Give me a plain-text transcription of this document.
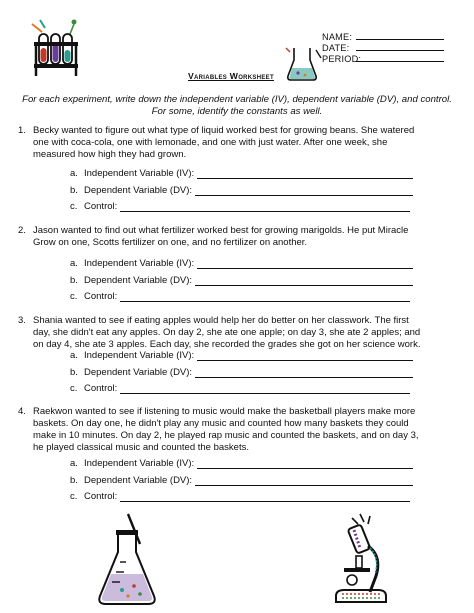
NAME:
DATE:
PERIOD:
Variables Worksheet
For each experiment, write down the independent variable (IV), dependent variable (DV), and control.
For some, identify the constants as well.
1. Becky wanted to figure out what type of liquid worked best for growing beans. She watered
one with coca-cola, one with lemonade, and one with just water. After one week, she
measured how high they had grown.
a. Independent Variable (IV):
b. Dependent Variable (DV):
c. Control:
2. Jason wanted to find out what fertilizer worked best for growing marigolds. He put Miracle
Grow on one, Scotts fertilizer on one, and no fertilizer on another.
a. Independent Variable (IV):
b. Dependent Variable (DV):
c. Control:
3. Shania wanted to see if eating apples would help her do better on her classwork. The first
day, she didn't eat any apples. On day 2, she ate one apple; on day 3, she ate 2 apples; and
on day 4, she ate 3 apples. Each day, she recorded the grades she got on her science work.
a. Independent Variable (IV):
b. Dependent Variable (DV):
c. Control:
4. Raekwon wanted to see if listening to music would make the basketball players make more
baskets. On day one, he didn't play any music and counted how many baskets they could
make in 10 minutes. On day 2, he played rap music and counted the baskets, and on day 3,
he played classical music and counted the baskets.
a. Independent Variable (IV):
b. Dependent Variable (DV):
c. Control:
